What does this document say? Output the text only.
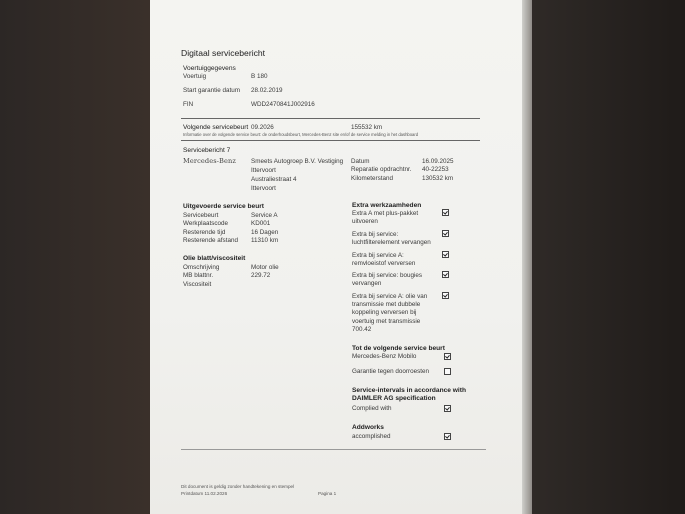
Digitaal servicebericht
Voertuiggegevens
Voertuig	B 180
Start garantie datum 28.02.2019
FIN	WDD2470841J002916
Volgende servicebeurt 09.2026	155532 km
Informatie over de volgende service beurt: de onderhoudsbeurt, Mercedes-Benz site en/of de service melding in het dashboard
Servicebericht 7
Mercedes-Benz Smeets Autogroep B.V. Vestiging
Ittervoort
Australiestraat 4
Ittervoort
Datum	16.09.2025
Reparatie opdrachtnr. 40-22253
Kilometerstand	130532 km
Uitgevoerde service beurt
Servicebeurt	Service A
Werkplaatscode	KD001
Resterende tijd	16 Dagen
Resterende afstand 11310 km
Olie blatt/viscositeit
Omschrijving	Motor olie
MB blattnr.	229.72
Viscositeit
Extra werkzaamheden
Extra A met plus-pakket
uitvoeren
Extra bij service:
luchtfilterelement vervangen
Extra bij service A:
remvloeistof verversen
Extra bij service: bougies
vervangen
Extra bij service A: olie van
transmissie met dubbele
koppeling verversen bij
voertuig met transmissie
700.42
Tot de volgende service beurt
Mercedes-Benz Mobilo
Garantie tegen doorroesten
Service-intervals in accordance with
DAIMLER AG specification
Complied with
Addworks
accomplished
Dit document is geldig zonder handtekening en stempel
Printdatum 11.02.2026	Pagina 1
